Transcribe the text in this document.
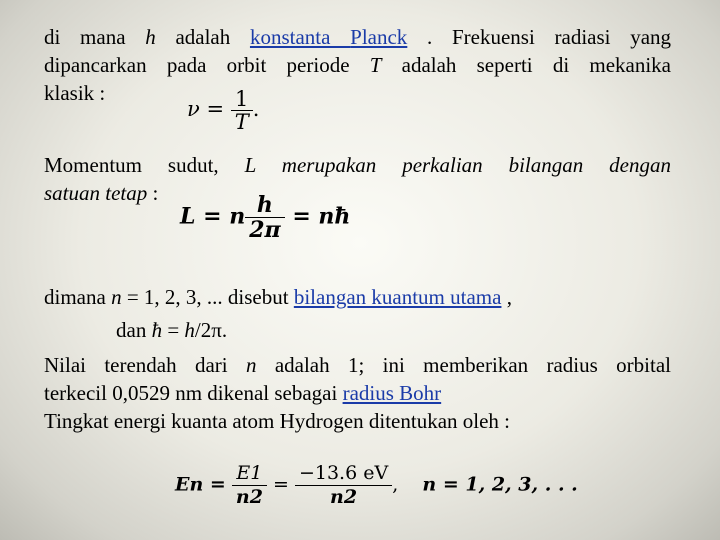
di mana h adalah konstanta Planck . Frekuensi radiasi yang
dipancarkan pada orbit periode T adalah seperti di mekanika
klasik :
$\nu = \frac{1}{T}$ .
Momentum sudut, L merupakan perkalian bilangan dengan
satuan tetap :
L = n $\frac{h}{2\pi}$ = nħ
dimana n = 1, 2, 3, ... disebut bilangan kuantum utama ,
dan ħ = h/2π.
Nilai terendah dari n adalah 1; ini memberikan radius orbital
terkecil 0,0529 nm dikenal sebagai radius Bohr
Tingkat energi kuanta atom Hydrogen ditentukan oleh :
$En = \frac{E1}{n2} = \frac{-13.6 eV}{n2}$ , n = 1, 2, 3, . . .
